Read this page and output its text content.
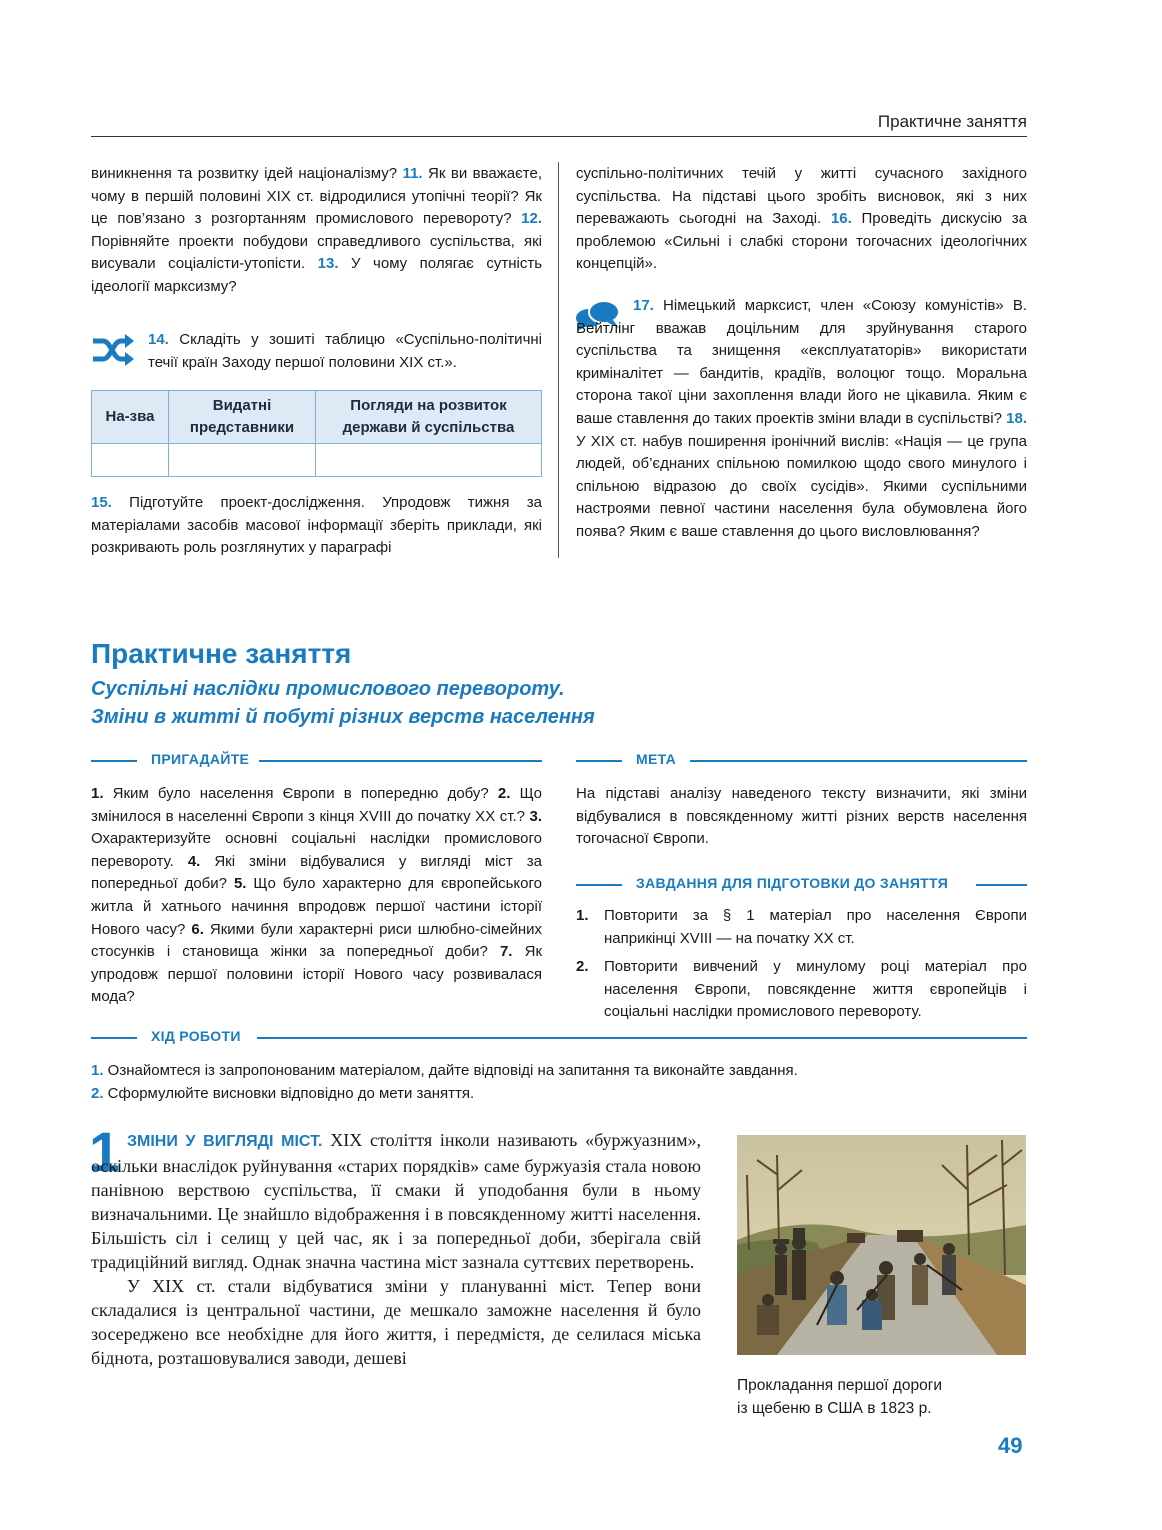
Практичне заняття

виникнення та розвитку ідей націоналізму? 11. Як ви вважаєте, чому в першій половині XIX ст. відродилися утопічні теорії? Як це пов’язано з розгортанням промислового перевороту? 12. Порівняйте проекти побудови справедливого суспільства, які висували соціалісти-утопісти. 13. У чому полягає сутність ідеології марксизму?

14. Складіть у зошиті таблицю «Суспільно-політичні течії країн Заходу першої половини XIX ст.».

На-зва	Видатні представники	Погляди на розвиток держави й суспільства

15. Підготуйте проект-дослідження. Упродовж тижня за матеріалами засобів масової інформації зберіть приклади, які розкривають роль розглянутих у параграфі

суспільно-політичних течій у житті сучасного західного суспільства. На підставі цього зробіть висновок, які з них переважають сьогодні на Заході. 16. Проведіть дискусію за проблемою «Сильні і слабкі сторони тогочасних ідеологічних концепцій».

17. Німецький марксист, член «Союзу комуністів» В. Вейтлінг вважав доцільним для зруйнування старого суспільства та знищення «експлуататорів» використати криміналітет — бандитів, крадіїв, волоцюг тощо. Моральна сторона такої ціни захоплення влади його не цікавила. Яким є ваше ставлення до таких проектів зміни влади в суспільстві? 18. У XIX ст. набув поширення іронічний вислів: «Нація — це група людей, об’єднаних спільною помилкою щодо свого минулого і спільною відразою до своїх сусідів». Якими суспільними настроями певної частини населення була обумовлена його поява? Яким є ваше ставлення до цього висловлювання?

Практичне заняття
Суспільні наслідки промислового перевороту.
Зміни в житті й побуті різних верств населення
ПРИГАДАЙТЕ

1. Яким було населення Європи в попередню добу? 2. Що змінилося в населенні Європи з кінця XVIII до початку XX ст.? 3. Охарактеризуйте основні соціальні наслідки промислового перевороту. 4. Які зміни відбувалися у вигляді міст за попередньої доби? 5. Що було характерно для європейського житла й хатнього начиння впродовж першої частини історії Нового часу? 6. Якими були характерні риси шлюбно-сімейних стосунків і становища жінки за попередньої доби? 7. Як упродовж першої половини історії Нового часу розвивалася мода?

МЕТА

На підставі аналізу наведеного тексту визначити, які зміни відбувалися в повсякденному житті різних верств населення тогочасної Європи.

ЗАВДАННЯ ДЛЯ ПІДГОТОВКИ ДО ЗАНЯТТЯ
1. Повторити за § 1 матеріал про населення Європи наприкінці XVIII — на початку XX ст.
2. Повторити вивчений у минулому році матеріал про населення Європи, повсякденне життя європейців і соціальні наслідки промислового перевороту.
ХІД РОБОТИ
1. Ознайомтеся із запропонованим матеріалом, дайте відповіді на запитання та виконайте завдання.
2. Сформулюйте висновки відповідно до мети заняття.
1 ЗМІНИ У ВИГЛЯДІ МІСТ. XIX століття інколи називають «буржуазним», оскільки внаслідок руйнування «старих порядків» саме буржуазія стала новою панівною верствою суспільства, її смаки й уподобання були в ньому визначальними. Це знайшло відображення і в повсякденному житті населення. Більшість сіл і селищ у цей час, як і за попередньої доби, зберігала свій традиційний вигляд. Однак значна частина міст зазнала суттєвих перетворень.

У XIX ст. стали відбуватися зміни у плануванні міст. Тепер вони складалися із центральної частини, де мешкало заможне населення й було зосереджено все необхідне для його життя, і передмістя, де селилася міська біднота, розташовувалися заводи, дешеві

Прокладання першої дороги
із щебеню в США в 1823 р.
49
